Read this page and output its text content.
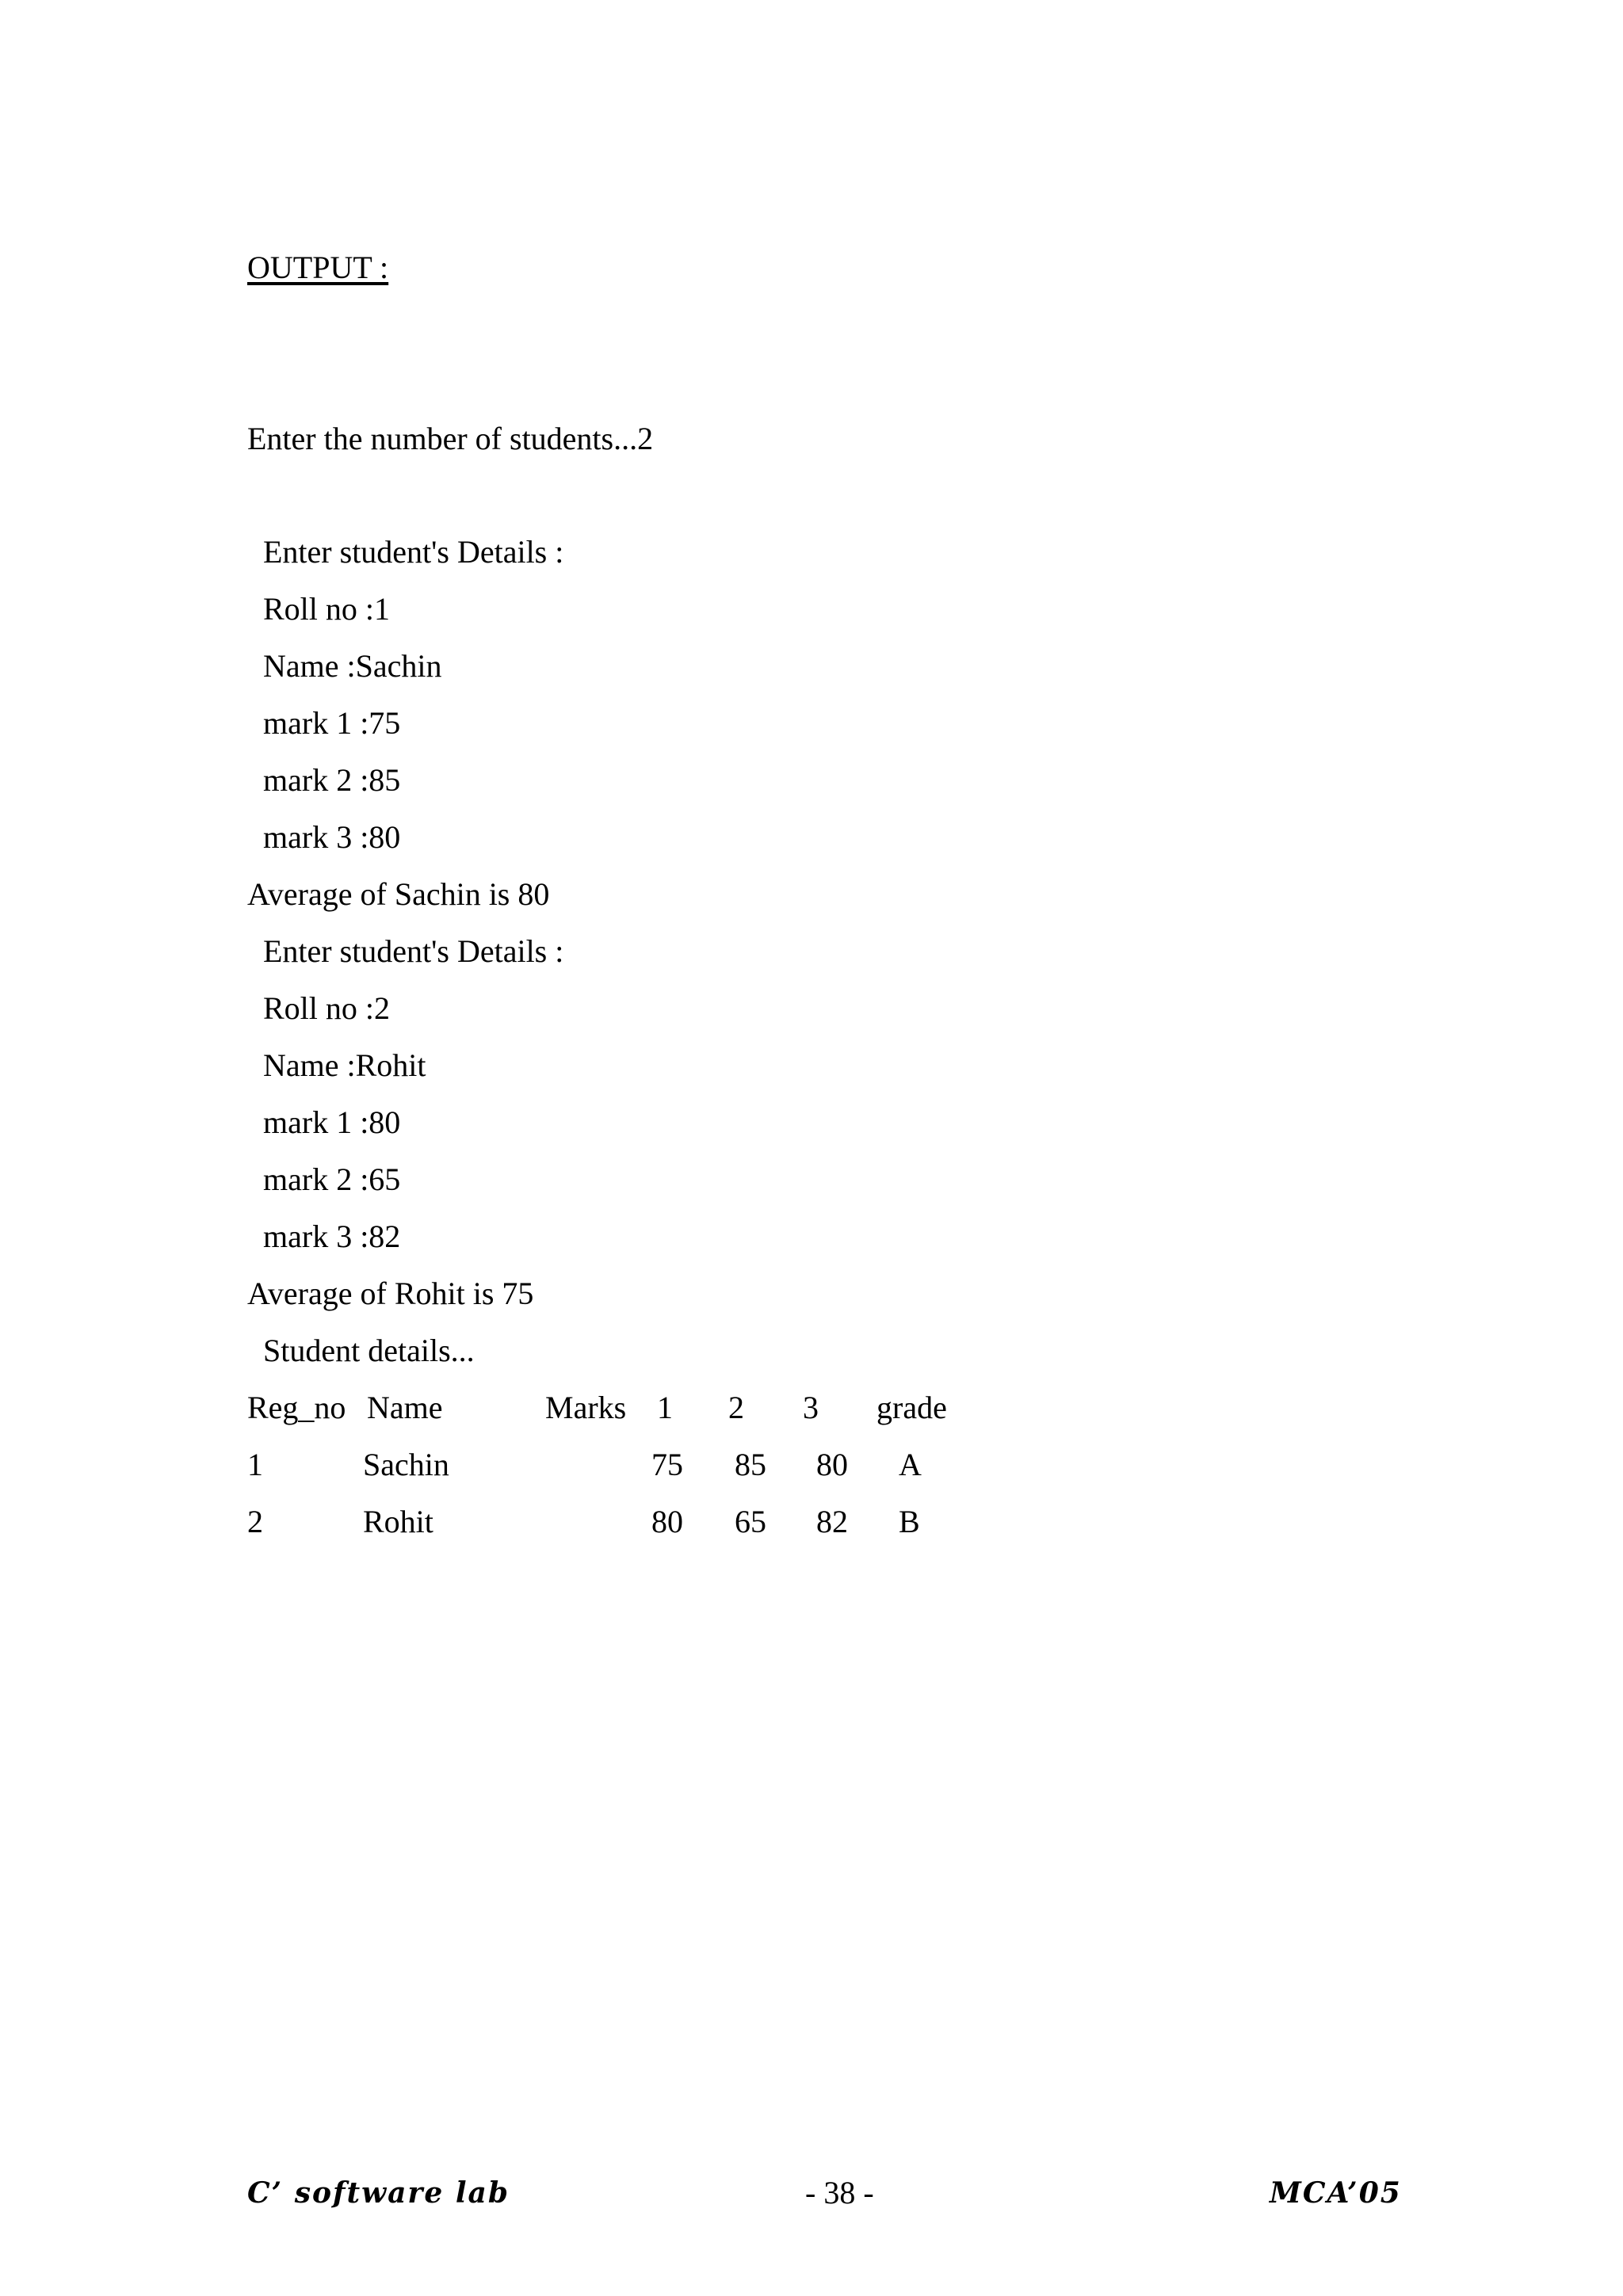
OUTPUT :
Enter the number of students...2
Enter student's Details :
Roll no :1
Name :Sachin
mark 1 :75
mark 2 :85
mark 3 :80
Average of Sachin is 80
Enter student's Details :
Roll no :2
Name :Rohit
mark 1 :80
mark 2 :65
mark 3 :82
Average of Rohit is 75
Student details...
Reg_no Name	Marks 1 2 3 grade
1	Sachin	75 85 80 A
2	Rohit	80 65 82 B
C’ software lab	- 38 -	MCA’05
